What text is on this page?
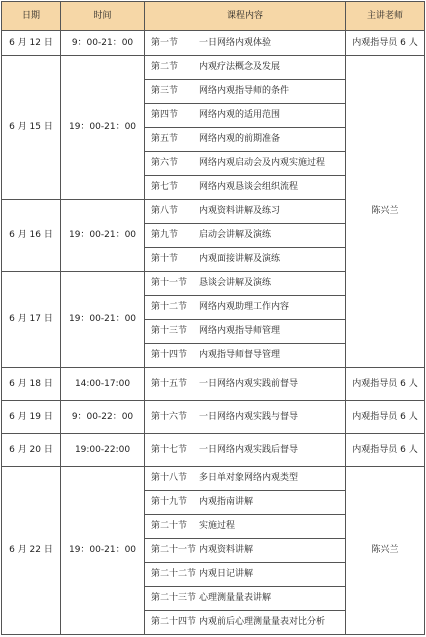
日期	时间	课程内容	主讲老师
6 月 12 日	9：00-21：00	第一节 一日网络内观体验	内观指导员 6 人
6 月 15 日	19：00-21：00	第二节 内观疗法概念及发展	陈兴兰
		第三节 网络内观指导师的条件	
		第四节 网络内观的适用范围	
		第五节 网络内观的前期准备	
		第六节 网络内观启动会及内观实施过程	
		第七节 网络内观恳谈会组织流程	
6 月 16 日	19：00-21：00	第八节 内观资料讲解及练习	
		第九节 启动会讲解及演练	
		第十节 内观面接讲解及演练	
6 月 17 日	19：00-21：00	第十一节 恳谈会讲解及演练	
		第十二节 网络内观助理工作内容	
		第十三节 网络内观指导师管理	
		第十四节 内观指导师督导管理	
6 月 18 日	14:00-17:00	第十五节 一日网络内观实践前督导	内观指导员 6 人
6 月 19 日	9：00-22：00	第十六节 一日网络内观实践与督导	内观指导员 6 人
6 月 20 日	19:00-22:00	第十七节 一日网络内观实践后督导	内观指导员 6 人
6 月 22 日	19：00-21：00	第十八节 多日单对象网络内观类型	陈兴兰
		第十九节 内观指南讲解	
		第二十节 实施过程	
		第二十一节 内观资料讲解	
		第二十二节 内观日记讲解	
		第二十三节 心理测量量表讲解	
		第二十四节 内观前后心理测量量表对比分析	
